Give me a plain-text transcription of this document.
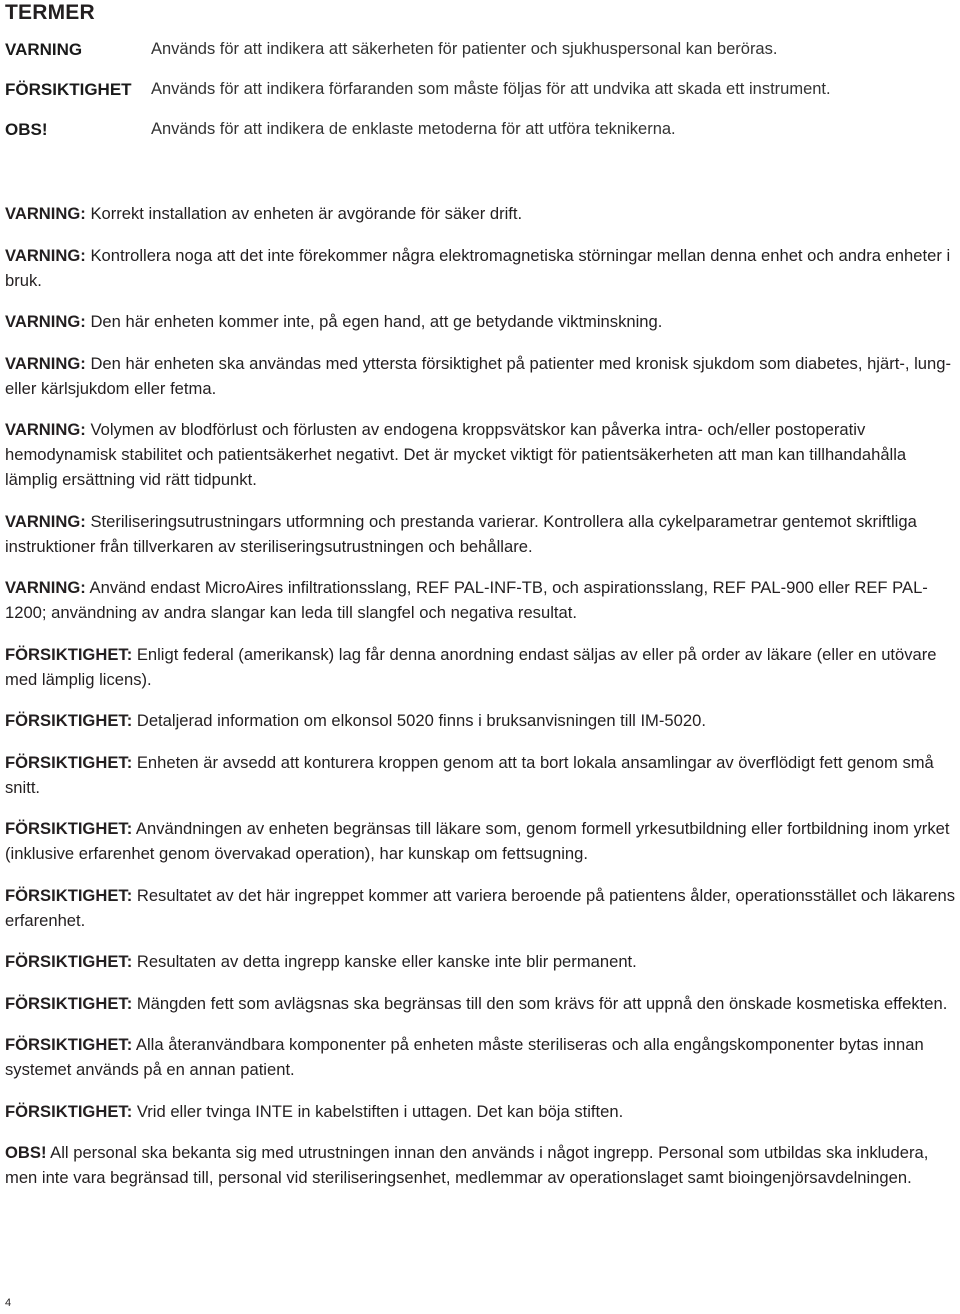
TERMER
VARNING	Används för att indikera att säkerheten för patienter och sjukhuspersonal kan beröras.
FÖRSIKTIGHET Används för att indikera förfaranden som måste följas för att undvika att skada ett instrument.
OBS!	Används för att indikera de enklaste metoderna för att utföra teknikerna.

VARNING: Korrekt installation av enheten är avgörande för säker drift.

VARNING: Kontrollera noga att det inte förekommer några elektromagnetiska störningar mellan denna enhet och andra enheter i bruk.

VARNING: Den här enheten kommer inte, på egen hand, att ge betydande viktminskning.

VARNING: Den här enheten ska användas med yttersta försiktighet på patienter med kronisk sjukdom som diabetes, hjärt-, lung- eller kärlsjukdom eller fetma.

VARNING: Volymen av blodförlust och förlusten av endogena kroppsvätskor kan påverka intra- och/eller postoperativ hemodynamisk stabilitet och patientsäkerhet negativt. Det är mycket viktigt för patientsäkerheten att man kan tillhandahålla lämplig ersättning vid rätt tidpunkt.

VARNING: Steriliseringsutrustningars utformning och prestanda varierar. Kontrollera alla cykelparametrar gentemot skriftliga instruktioner från tillverkaren av steriliseringsutrustningen och behållare.

VARNING: Använd endast MicroAires infiltrationsslang, REF PAL-INF-TB, och aspirationsslang, REF PAL-900 eller REF PAL-1200; användning av andra slangar kan leda till slangfel och negativa resultat.

FÖRSIKTIGHET: Enligt federal (amerikansk) lag får denna anordning endast säljas av eller på order av läkare (eller en utövare med lämplig licens).

FÖRSIKTIGHET: Detaljerad information om elkonsol 5020 finns i bruksanvisningen till IM-5020.

FÖRSIKTIGHET: Enheten är avsedd att konturera kroppen genom att ta bort lokala ansamlingar av överflödigt fett genom små snitt.

FÖRSIKTIGHET: Användningen av enheten begränsas till läkare som, genom formell yrkesutbildning eller fortbildning inom yrket (inklusive erfarenhet genom övervakad operation), har kunskap om fettsugning.

FÖRSIKTIGHET: Resultatet av det här ingreppet kommer att variera beroende på patientens ålder, operationsstället och läkarens erfarenhet.

FÖRSIKTIGHET: Resultaten av detta ingrepp kanske eller kanske inte blir permanent.

FÖRSIKTIGHET: Mängden fett som avlägsnas ska begränsas till den som krävs för att uppnå den önskade kosmetiska effekten.

FÖRSIKTIGHET: Alla återanvändbara komponenter på enheten måste steriliseras och alla engångskomponenter bytas innan systemet används på en annan patient.

FÖRSIKTIGHET: Vrid eller tvinga INTE in kabelstiften i uttagen. Det kan böja stiften.

OBS! All personal ska bekanta sig med utrustningen innan den används i något ingrepp. Personal som utbildas ska inkludera, men inte vara begränsad till, personal vid steriliseringsenhet, medlemmar av operationslaget samt bioingenjörsavdelningen.

4
